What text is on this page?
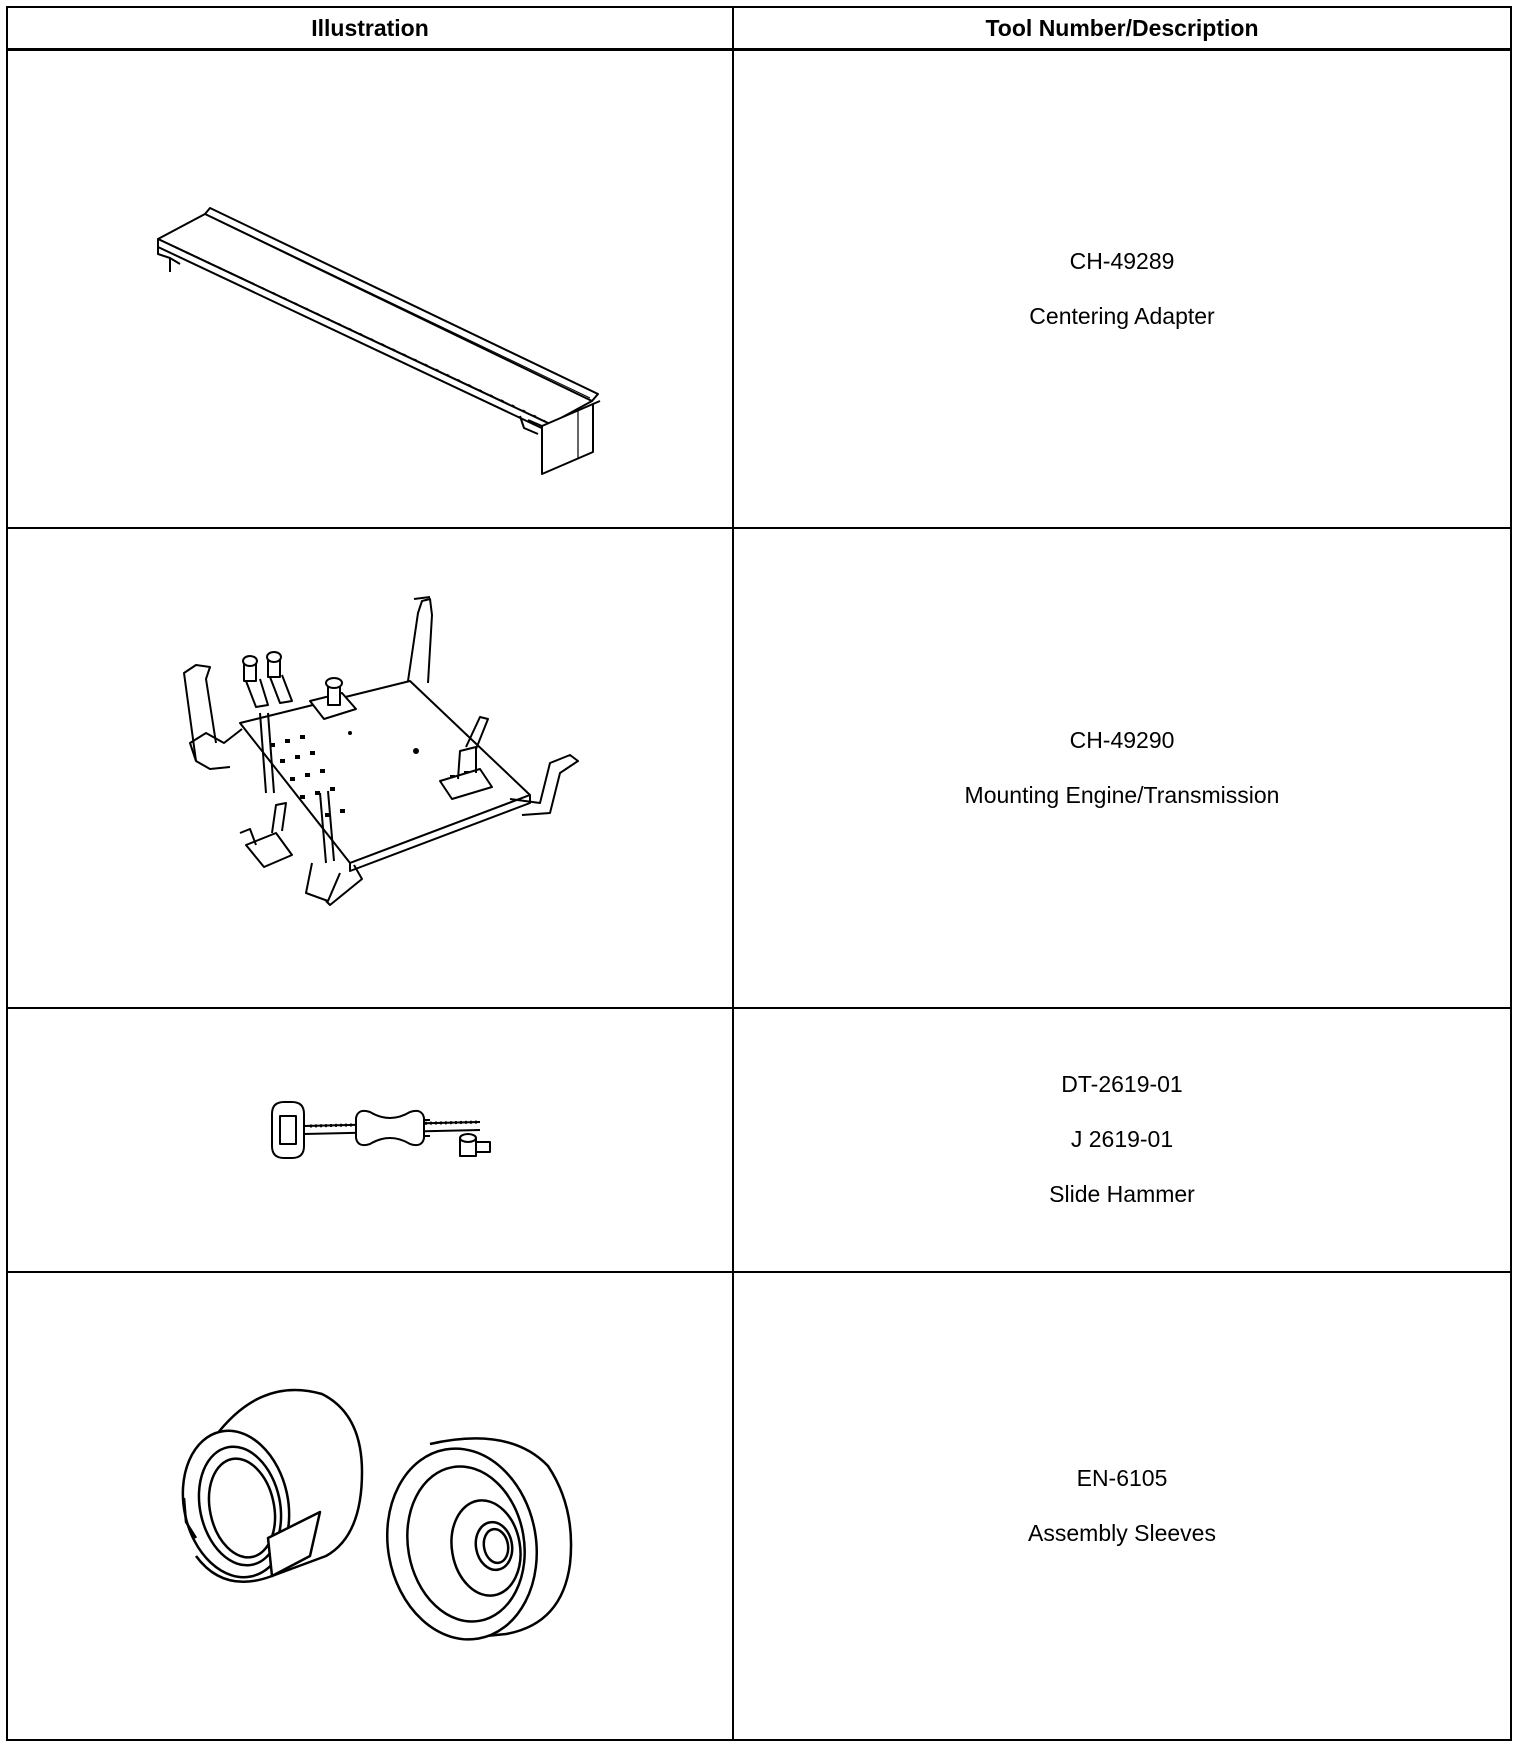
Illustration	Tool Number/Description

CH-49289
Centering Adapter

CH-49290
Mounting Engine/Transmission

DT-2619-01
J 2619-01
Slide Hammer

EN-6105
Assembly Sleeves
